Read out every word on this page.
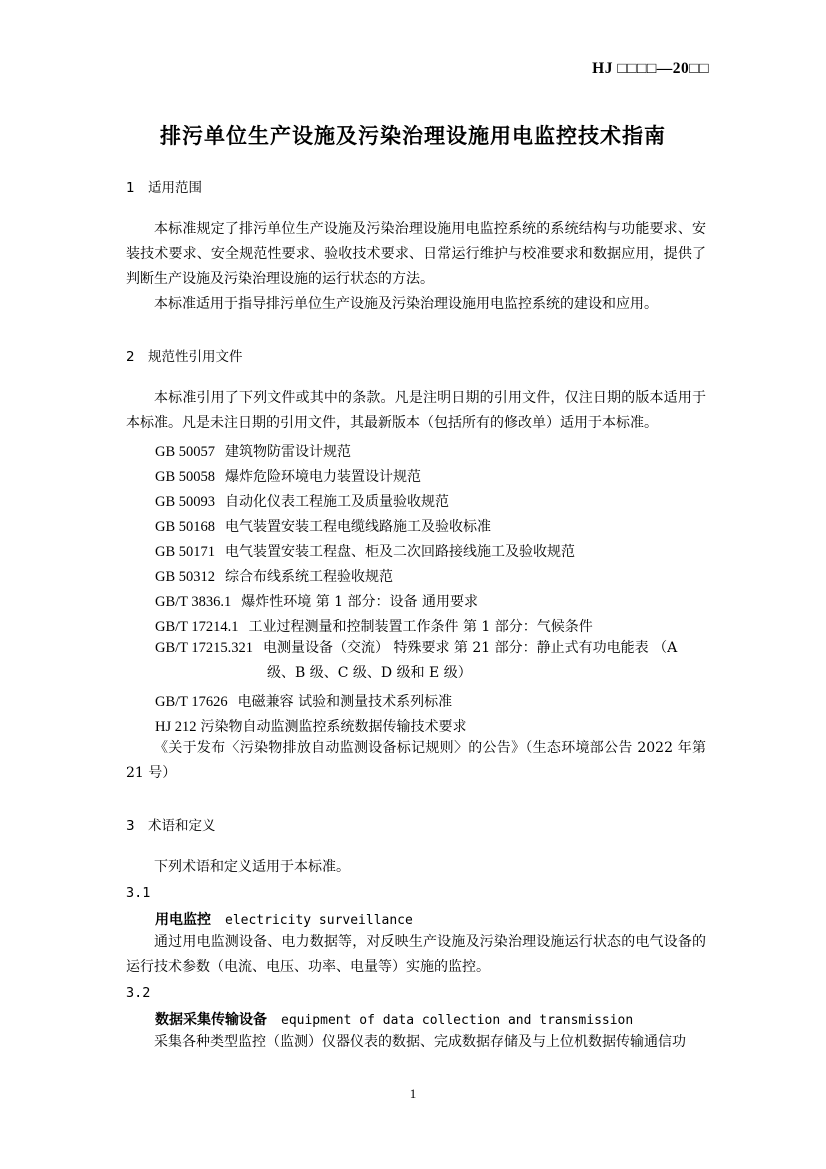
HJ □□□□—20□□
排污单位生产设施及污染治理设施用电监控技术指南
1 适用范围
本标准规定了排污单位生产设施及污染治理设施用电监控系统的系统结构与功能要求、安装技术要求、安全规范性要求、验收技术要求、日常运行维护与校准要求和数据应用，提供了判断生产设施及污染治理设施的运行状态的方法。
本标准适用于指导排污单位生产设施及污染治理设施用电监控系统的建设和应用。
2 规范性引用文件
本标准引用了下列文件或其中的条款。凡是注明日期的引用文件，仅注日期的版本适用于本标准。凡是未注日期的引用文件，其最新版本（包括所有的修改单）适用于本标准。
GB 50057 建筑物防雷设计规范
GB 50058 爆炸危险环境电力装置设计规范
GB 50093 自动化仪表工程施工及质量验收规范
GB 50168 电气装置安装工程电缆线路施工及验收标准
GB 50171 电气装置安装工程盘、柜及二次回路接线施工及验收规范
GB 50312 综合布线系统工程验收规范
GB/T 3836.1 爆炸性环境 第 1 部分：设备 通用要求
GB/T 17214.1 工业过程测量和控制装置工作条件 第 1 部分：气候条件
GB/T 17215.321 电测量设备（交流） 特殊要求 第 21 部分：静止式有功电能表 （A
级、B 级、C 级、D 级和 E 级）
GB/T 17626 电磁兼容 试验和测量技术系列标准
HJ 212 污染物自动监测监控系统数据传输技术要求
《关于发布〈污染物排放自动监测设备标记规则〉的公告》（生态环境部公告 2022 年第 21 号）
3 术语和定义
下列术语和定义适用于本标准。
3.1
用电监控 electricity surveillance
通过用电监测设备、电力数据等，对反映生产设施及污染治理设施运行状态的电气设备的运行技术参数（电流、电压、功率、电量等）实施的监控。
3.2
数据采集传输设备 equipment of data collection and transmission
采集各种类型监控（监测）仪器仪表的数据、完成数据存储及与上位机数据传输通信功
1
